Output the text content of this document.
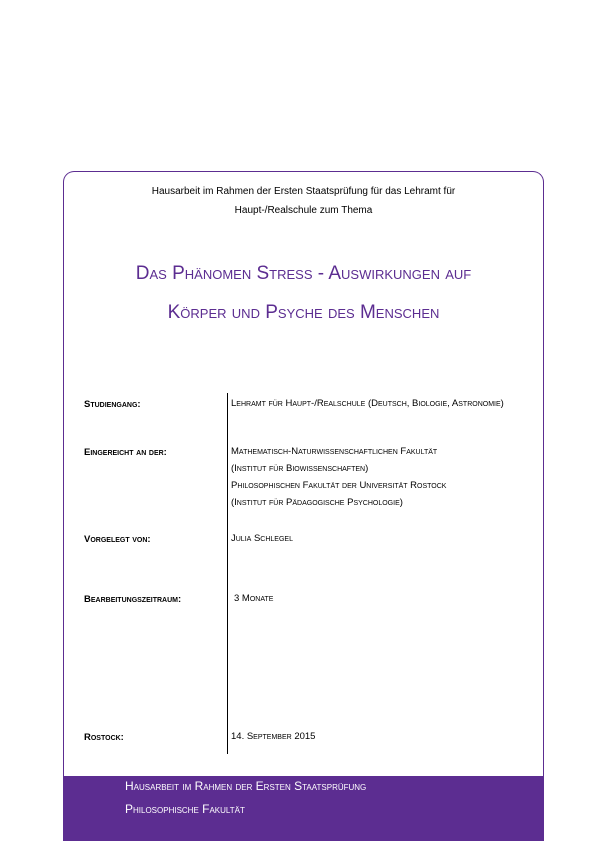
Hausarbeit im Rahmen der Ersten Staatsprüfung für das Lehramt für
Haupt-/Realschule zum Thema
Das Phänomen Stress - Auswirkungen auf
Körper und Psyche des Menschen
Studiengang:	Lehramt für Haupt-/Realschule (Deutsch, Biologie, Astronomie)
Eingereicht an der:	Mathematisch-Naturwissenschaftlichen Fakultät
(Institut für Biowissenschaften)
Philosophischen Fakultät der Universität Rostock
(Institut für Pädagogische Psychologie)
Vorgelegt von:	Julia Schlegel
Bearbeitungszeitraum:	3 Monate
Rostock:	14. September 2015
Hausarbeit im Rahmen der Ersten Staatsprüfung
Philosophische Fakultät
